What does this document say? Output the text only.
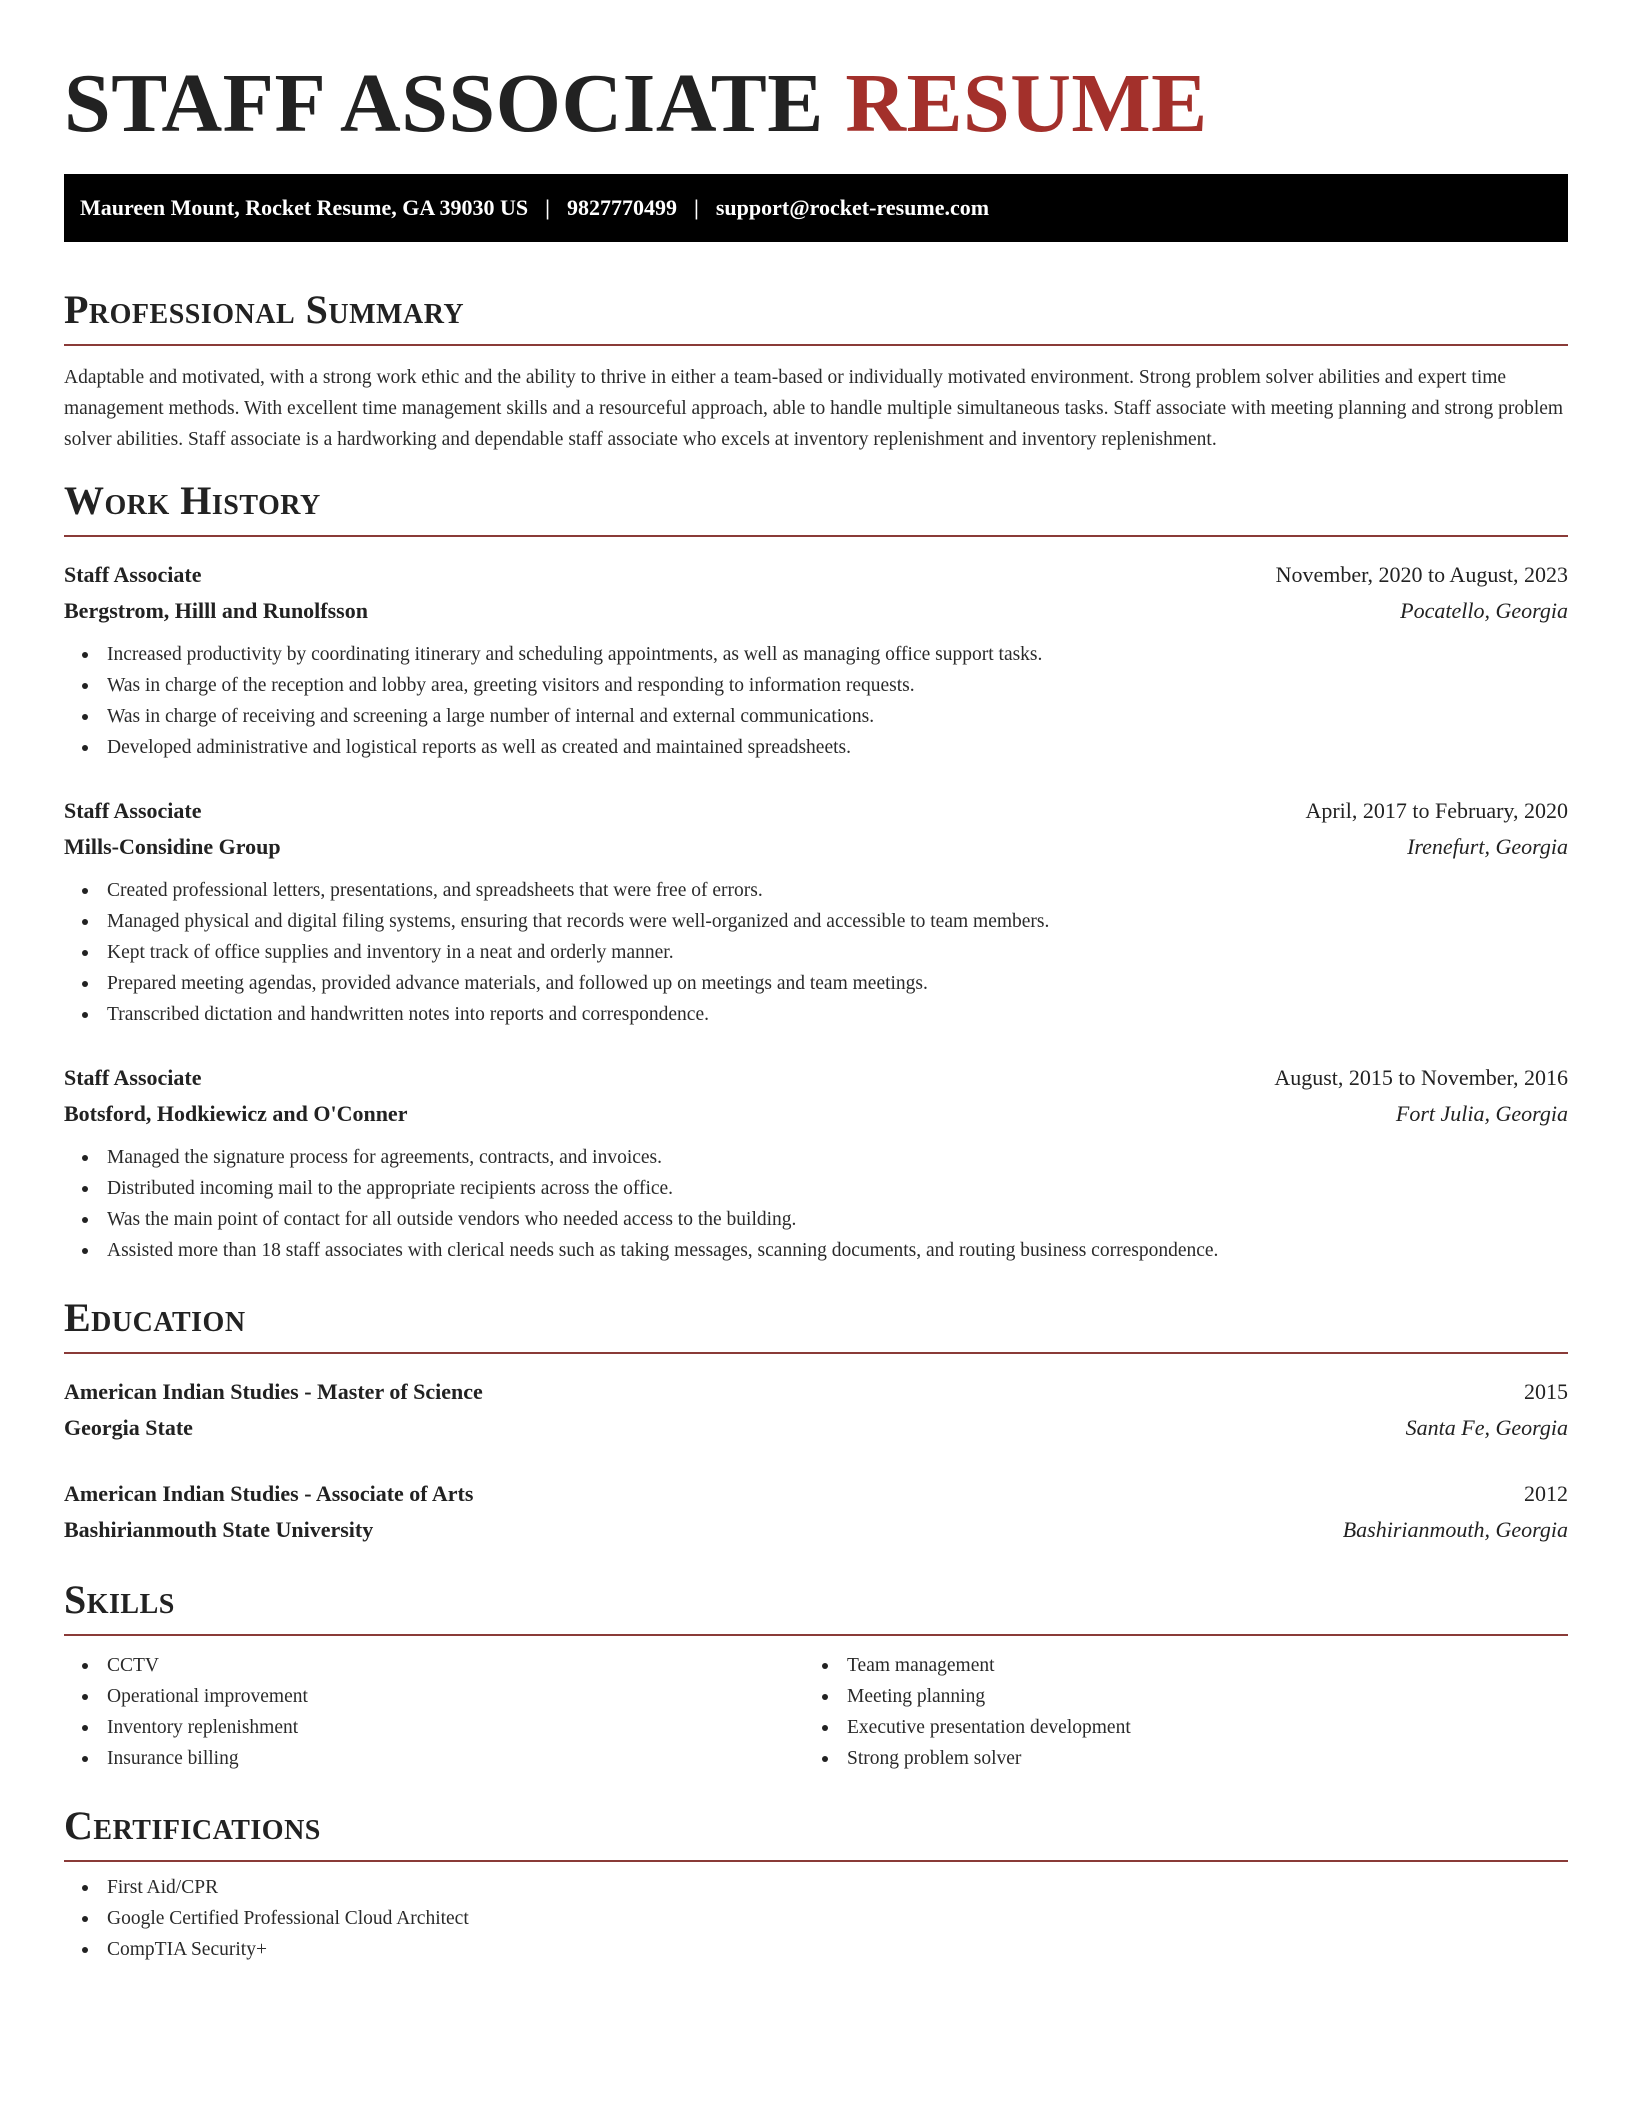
STAFF ASSOCIATE RESUME
Maureen Mount, Rocket Resume, GA 39030 US | 9827770499 | support@rocket-resume.com
Professional Summary

Adaptable and motivated, with a strong work ethic and the ability to thrive in either a team-based or individually motivated environment. Strong problem solver abilities and expert time management methods. With excellent time management skills and a resourceful approach, able to handle multiple simultaneous tasks. Staff associate with meeting planning and strong problem solver abilities. Staff associate is a hardworking and dependable staff associate who excels at inventory replenishment and inventory replenishment.

Work History
Staff Associate	November, 2020 to August, 2023
Bergstrom, Hilll and Runolfsson	Pocatello, Georgia
Increased productivity by coordinating itinerary and scheduling appointments, as well as managing office support tasks.
Was in charge of the reception and lobby area, greeting visitors and responding to information requests.
Was in charge of receiving and screening a large number of internal and external communications.
Developed administrative and logistical reports as well as created and maintained spreadsheets.
Staff Associate	April, 2017 to February, 2020
Mills-Considine Group	Irenefurt, Georgia
Created professional letters, presentations, and spreadsheets that were free of errors.
Managed physical and digital filing systems, ensuring that records were well-organized and accessible to team members.
Kept track of office supplies and inventory in a neat and orderly manner.
Prepared meeting agendas, provided advance materials, and followed up on meetings and team meetings.
Transcribed dictation and handwritten notes into reports and correspondence.
Staff Associate	August, 2015 to November, 2016
Botsford, Hodkiewicz and O'Conner	Fort Julia, Georgia
Managed the signature process for agreements, contracts, and invoices.
Distributed incoming mail to the appropriate recipients across the office.
Was the main point of contact for all outside vendors who needed access to the building.
Assisted more than 18 staff associates with clerical needs such as taking messages, scanning documents, and routing business correspondence.
Education
American Indian Studies - Master of Science	2015
Georgia State	Santa Fe, Georgia
American Indian Studies - Associate of Arts	2012
Bashirianmouth State University	Bashirianmouth, Georgia
Skills
CCTV
Operational improvement
Inventory replenishment
Insurance billing
Team management
Meeting planning
Executive presentation development
Strong problem solver
Certifications
First Aid/CPR
Google Certified Professional Cloud Architect
CompTIA Security+
